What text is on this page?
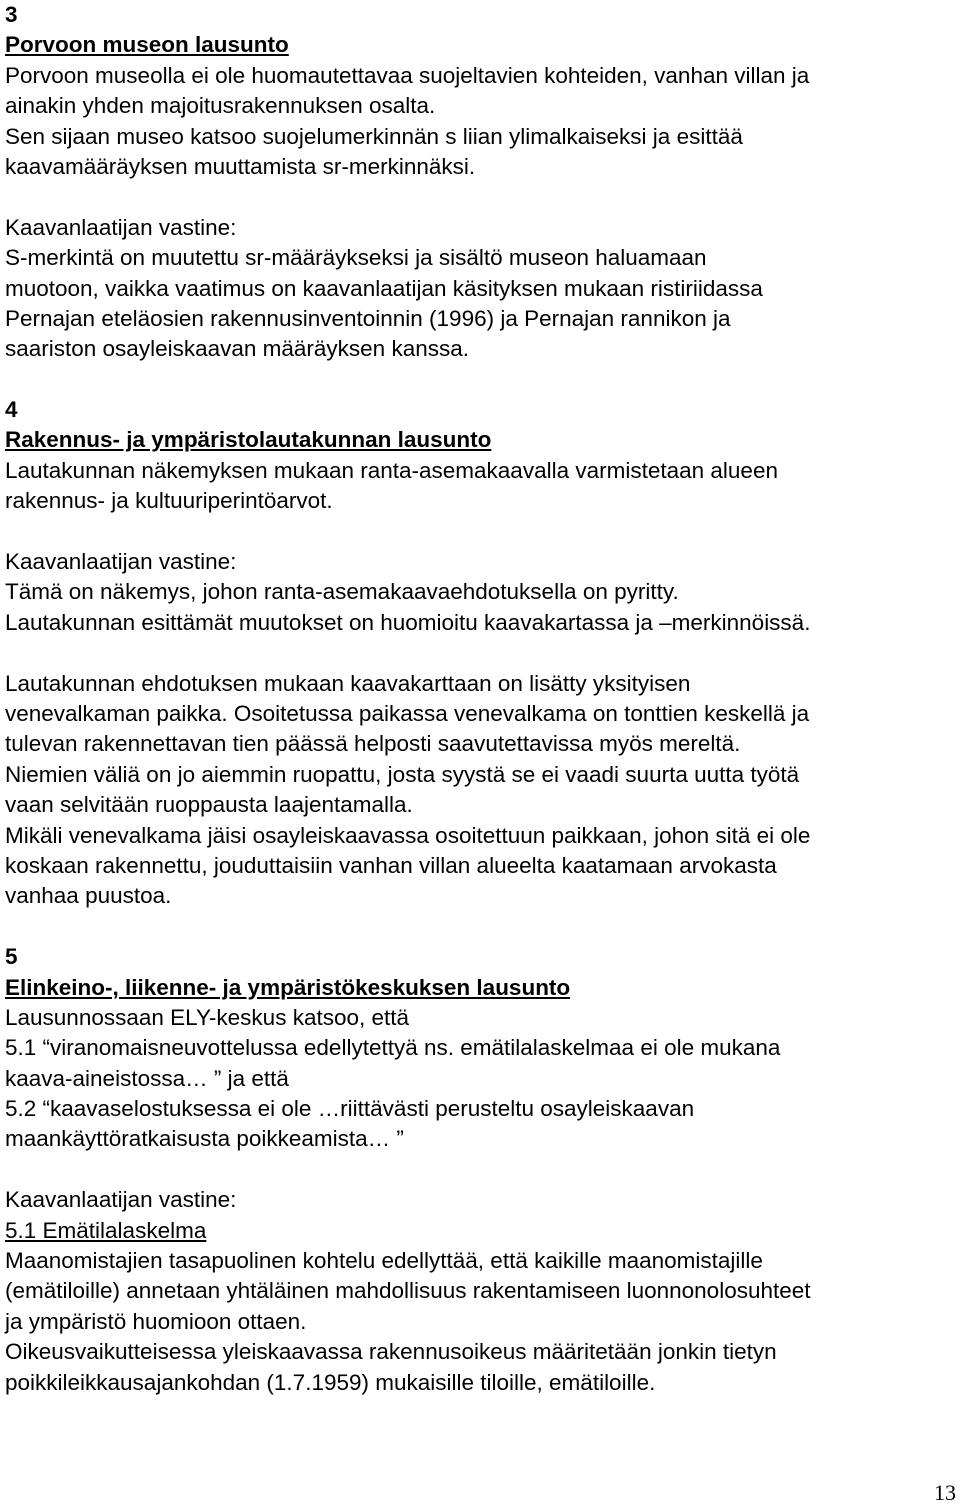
3
Porvoon museon lausunto
Porvoon museolla ei ole huomautettavaa suojeltavien kohteiden, vanhan villan ja
ainakin yhden majoitusrakennuksen osalta.
Sen sijaan museo katsoo suojelumerkinnän s liian ylimalkaiseksi ja esittää
kaavamääräyksen muuttamista sr-merkinnäksi.
Kaavanlaatijan vastine:
S-merkintä on muutettu sr-määräykseksi ja sisältö museon haluamaan
muotoon, vaikka vaatimus on kaavanlaatijan käsityksen mukaan ristiriidassa
Pernajan eteläosien rakennusinventoinnin (1996) ja Pernajan rannikon ja
saariston osayleiskaavan määräyksen kanssa.
4
Rakennus- ja ympäristolautakunnan lausunto
Lautakunnan näkemyksen mukaan ranta-asemakaavalla varmistetaan alueen
rakennus- ja kultuuriperintöarvot.
Kaavanlaatijan vastine:
Tämä on näkemys, johon ranta-asemakaavaehdotuksella on pyritty.
Lautakunnan esittämät muutokset on huomioitu kaavakartassa ja –merkinnöissä.
Lautakunnan ehdotuksen mukaan kaavakarttaan on lisätty yksityisen
venevalkaman paikka. Osoitetussa paikassa venevalkama on tonttien keskellä ja
tulevan rakennettavan tien päässä helposti saavutettavissa myös mereltä.
Niemien väliä on jo aiemmin ruopattu, josta syystä se ei vaadi suurta uutta työtä
vaan selvitään ruoppausta laajentamalla.
Mikäli venevalkama jäisi osayleiskaavassa osoitettuun paikkaan, johon sitä ei ole
koskaan rakennettu, jouduttaisiin vanhan villan alueelta kaatamaan arvokasta
vanhaa puustoa.
5
Elinkeino-, liikenne- ja ympäristökeskuksen lausunto
Lausunnossaan ELY-keskus katsoo, että
5.1 “viranomaisneuvottelussa edellytettyä ns. emätilalaskelmaa ei ole mukana
kaava-aineistossa… ” ja että
5.2 “kaavaselostuksessa ei ole …riittävästi perusteltu osayleiskaavan
maankäyttöratkaisusta poikkeamista… ”
Kaavanlaatijan vastine:
5.1 Emätilalaskelma
Maanomistajien tasapuolinen kohtelu edellyttää, että kaikille maanomistajille
(emätiloille) annetaan yhtäläinen mahdollisuus rakentamiseen luonnonolosuhteet
ja ympäristö huomioon ottaen.
Oikeusvaikutteisessa yleiskaavassa rakennusoikeus määritetään jonkin tietyn
poikkileikkausajankohdan (1.7.1959) mukaisille tiloille, emätiloille.
13
